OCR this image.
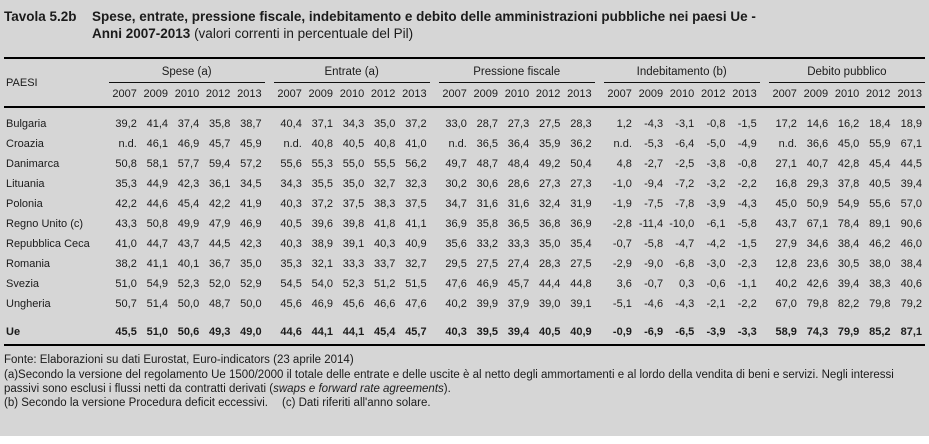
Tavola 5.2b	Spese, entrate, pressione fiscale, indebitamento e debito delle amministrazioni pubbliche nei paesi Ue -
Anni 2007-2013 (valori correnti in percentuale del Pil)
PAESI	Spese (a)						Entrate (a)						Pressione fiscale						Indebitamento (b)						Debito pubblico				
	2007	2009	2010	2012	2013		2007	2009	2010	2012	2013		2007	2009	2010	2012	2013		2007	2009	2010	2012	2013		2007	2009	2010	2012	2013
Bulgaria	39,2	41,4	37,4	35,8	38,7		40,4	37,1	34,3	35,0	37,2		33,0	28,7	27,3	27,5	28,3		1,2	-4,3	-3,1	-0,8	-1,5		17,2	14,6	16,2	18,4	18,9
Croazia	n.d.	46,1	46,9	45,7	45,9		n.d.	40,8	40,5	40,8	41,0		n.d.	36,5	36,4	35,9	36,2		n.d.	-5,3	-6,4	-5,0	-4,9		n.d.	36,6	45,0	55,9	67,1
Danimarca	50,8	58,1	57,7	59,4	57,2		55,6	55,3	55,0	55,5	56,2		49,7	48,7	48,4	49,2	50,4		4,8	-2,7	-2,5	-3,8	-0,8		27,1	40,7	42,8	45,4	44,5
Lituania	35,3	44,9	42,3	36,1	34,5		34,3	35,5	35,0	32,7	32,3		30,2	30,6	28,6	27,3	27,3		-1,0	-9,4	-7,2	-3,2	-2,2		16,8	29,3	37,8	40,5	39,4
Polonia	42,2	44,6	45,4	42,2	41,9		40,3	37,2	37,5	38,3	37,5		34,7	31,6	31,6	32,4	31,9		-1,9	-7,5	-7,8	-3,9	-4,3		45,0	50,9	54,9	55,6	57,0
Regno Unito (c)	43,3	50,8	49,9	47,9	46,9		40,5	39,6	39,8	41,8	41,1		36,9	35,8	36,5	36,8	36,9		-2,8	-11,4	-10,0	-6,1	-5,8		43,7	67,1	78,4	89,1	90,6
Repubblica Ceca	41,0	44,7	43,7	44,5	42,3		40,3	38,9	39,1	40,3	40,9		35,6	33,2	33,3	35,0	35,4		-0,7	-5,8	-4,7	-4,2	-1,5		27,9	34,6	38,4	46,2	46,0
Romania	38,2	41,1	40,1	36,7	35,0		35,3	32,1	33,3	33,7	32,7		29,5	27,5	27,4	28,3	27,5		-2,9	-9,0	-6,8	-3,0	-2,3		12,8	23,6	30,5	38,0	38,4
Svezia	51,0	54,9	52,3	52,0	52,9		54,5	54,0	52,3	51,2	51,5		47,6	46,9	45,7	44,4	44,8		3,6	-0,7	0,3	-0,6	-1,1		40,2	42,6	39,4	38,3	40,6
Ungheria	50,7	51,4	50,0	48,7	50,0		45,6	46,9	45,6	46,6	47,6		40,2	39,9	37,9	39,0	39,1		-5,1	-4,6	-4,3	-2,1	-2,2		67,0	79,8	82,2	79,8	79,2

Ue	45,5	51,0	50,6	49,3	49,0		44,6	44,1	44,1	45,4	45,7		40,3	39,5	39,4	40,5	40,9		-0,9	-6,9	-6,5	-3,9	-3,3		58,9	74,3	79,9	85,2	87,1
Fonte: Elaborazioni su dati Eurostat, Euro-indicators (23 aprile 2014)
(a)Secondo la versione del regolamento Ue 1500/2000 il totale delle entrate e delle uscite è al netto degli ammortamenti e al lordo della vendita di beni e servizi. Negli interessi passivi sono esclusi i flussi netti da contratti derivati (swaps e forward rate agreements).
(b) Secondo la versione Procedura deficit eccessivi. (c) Dati riferiti all'anno solare.
